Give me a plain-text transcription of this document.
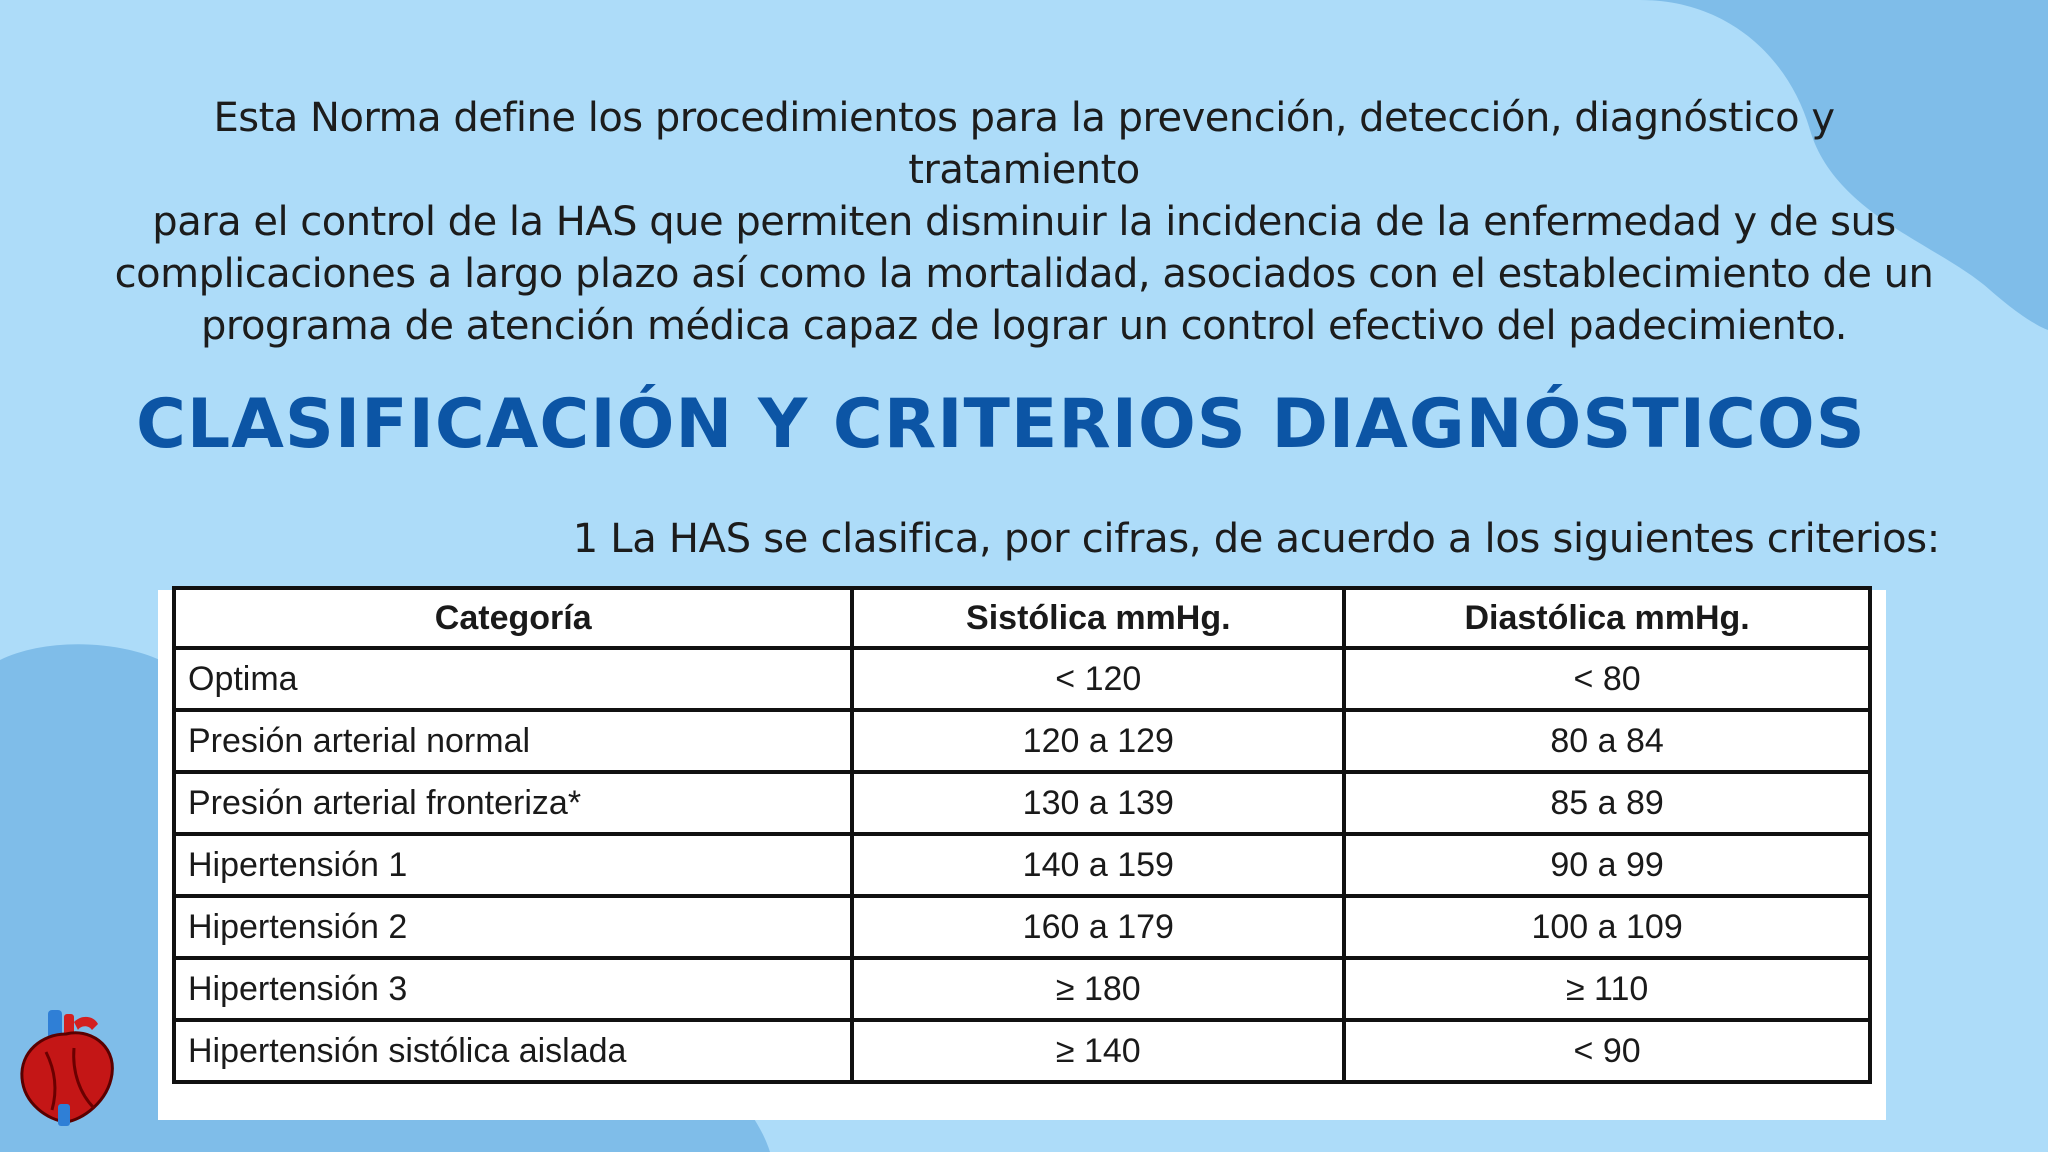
Esta Norma define los procedimientos para la prevención, detección, diagnóstico y tratamiento
para el control de la HAS que permiten disminuir la incidencia de la enfermedad y de sus
complicaciones a largo plazo así como la mortalidad, asociados con el establecimiento de un
programa de atención médica capaz de lograr un control efectivo del padecimiento.
CLASIFICACIÓN Y CRITERIOS DIAGNÓSTICOS
1 La HAS se clasifica, por cifras, de acuerdo a los siguientes criterios:
Categoría	Sistólica mmHg.	Diastólica mmHg.
Optima	< 120	< 80
Presión arterial normal	120 a 129	80 a 84
Presión arterial fronteriza*	130 a 139	85 a 89
Hipertensión 1	140 a 159	90 a 99
Hipertensión 2	160 a 179	100 a 109
Hipertensión 3	≥ 180	≥ 110
Hipertensión sistólica aislada	≥ 140	< 90
